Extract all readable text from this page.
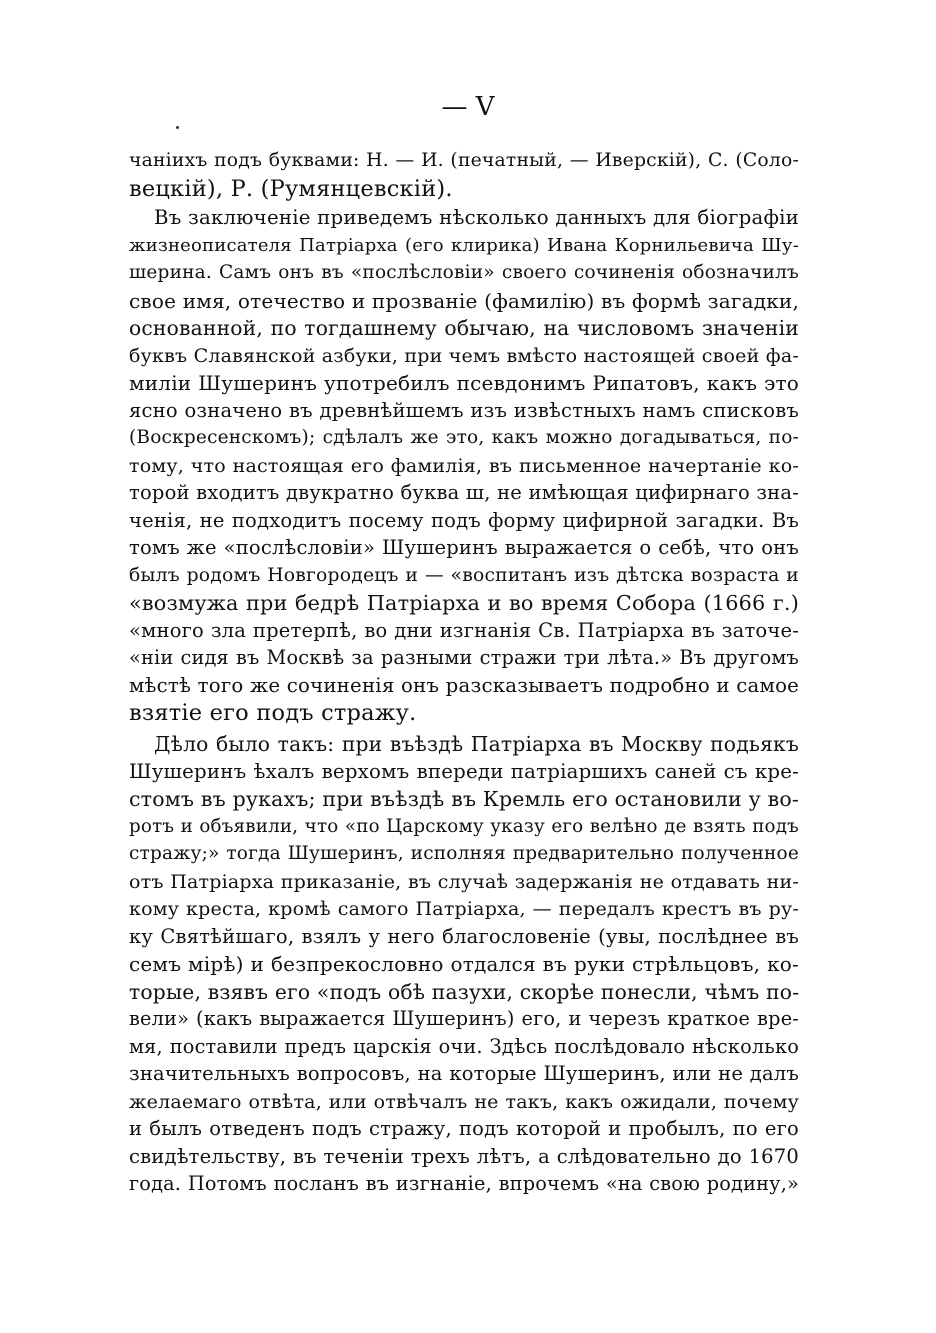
— V
чаніихъ подъ буквами: Н. — И. (печатный, — Иверскій), С. (Соло-
вецкій), Р. (Румянцевскій).
Въ заключеніе приведемъ нѣсколько данныхъ для біографіи
жизнеописателя Патріарха (его клирика) Ивана Корнильевича Шу-
шерина. Самъ онъ въ «послѣсловіи» своего сочиненія обозначилъ
свое имя, отечество и прозваніе (фамилію) въ формѣ загадки,
основанной, по тогдашнему обычаю, на числовомъ значеніи
буквъ Славянской азбуки, при чемъ вмѣсто настоящей своей фа-
миліи Шушеринъ употребилъ псевдонимъ Рипатовъ, какъ это
ясно означено въ древнѣйшемъ изъ извѣстныхъ намъ списковъ
(Воскресенскомъ); сдѣлалъ же это, какъ можно догадываться, по-
тому, что настоящая его фамилія, въ письменное начертаніе ко-
торой входитъ двукратно буква ш, не имѣющая цифирнаго зна-
ченія, не подходитъ посему подъ форму цифирной загадки. Въ
томъ же «послѣсловіи» Шушеринъ выражается о себѣ, что онъ
былъ родомъ Новгородецъ и — «воспитанъ изъ дѣтска возраста и
«возмужа при бедрѣ Патріарха и во время Собора (1666 г.)
«много зла претерпѣ, во дни изгнанія Св. Патріарха въ заточе-
«ніи сидя въ Москвѣ за разными стражи три лѣта.» Въ другомъ
мѣстѣ того же сочиненія онъ разсказываетъ подробно и самое
взятіе его подъ стражу.
Дѣло было такъ: при въѣздѣ Патріарха въ Москву подьякъ
Шушеринъ ѣхалъ верхомъ впереди патріаршихъ саней съ кре-
стомъ въ рукахъ; при въѣздѣ въ Кремль его остановили у во-
ротъ и объявили, что «по Царскому указу его велѣно де взять подъ
стражу;» тогда Шушеринъ, исполняя предварительно полученное
отъ Патріарха приказаніе, въ случаѣ задержанія не отдавать ни-
кому креста, кромѣ самого Патріарха, — передалъ крестъ въ ру-
ку Святѣйшаго, взялъ у него благословеніе (увы, послѣднее въ
семъ мірѣ) и безпрекословно отдался въ руки стрѣльцовъ, ко-
торые, взявъ его «подъ обѣ пазухи, скорѣе понесли, чѣмъ по-
вели» (какъ выражается Шушеринъ) его, и черезъ краткое вре-
мя, поставили предъ царскія очи. Здѣсь послѣдовало нѣсколько
значительныхъ вопросовъ, на которые Шушеринъ, или не далъ
желаемаго отвѣта, или отвѣчалъ не такъ, какъ ожидали, почему
и былъ отведенъ подъ стражу, подъ которой и пробылъ, по его
свидѣтельству, въ теченіи трехъ лѣтъ, а слѣдовательно до 1670
года. Потомъ посланъ въ изгнаніе, впрочемъ «на свою родину,»
